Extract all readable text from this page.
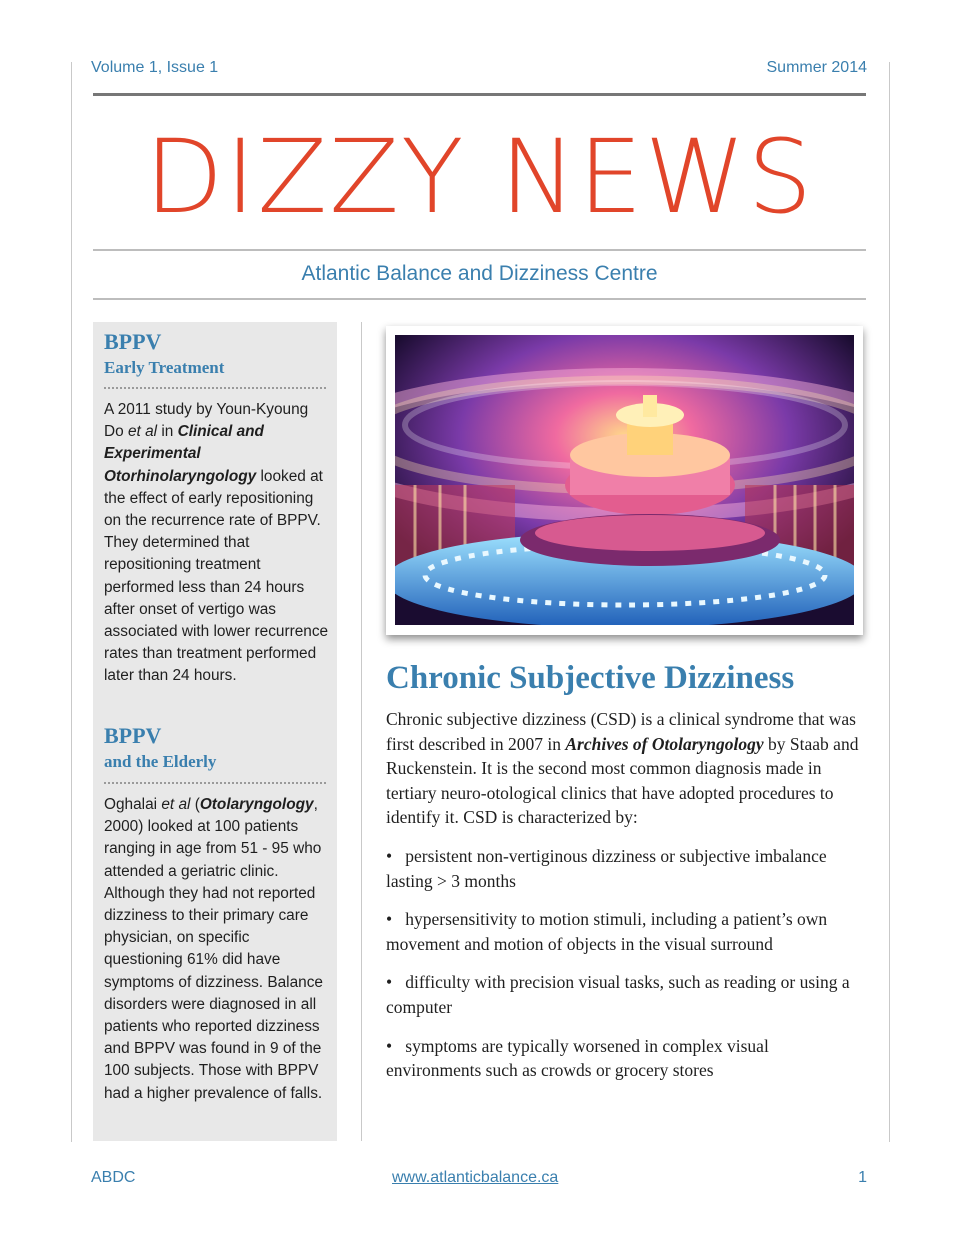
Volume 1, Issue 1	Summer 2014
DIZZY NEWS
Atlantic Balance and Dizziness Centre
BPPV
Early Treatment
A 2011 study by Youn-Kyoung Do et al in Clinical and Experimental Otorhinolaryngology looked at the effect of early repositioning on the recurrence rate of BPPV. They determined that repositioning treatment performed less than 24 hours after onset of vertigo was associated with lower recurrence rates than treatment performed later than 24 hours.
BPPV
and the Elderly
Oghalai et al (Otolaryngology, 2000) looked at 100 patients ranging in age from 51 - 95 who attended a geriatric clinic. Although they had not reported dizziness to their primary care physician, on specific questioning 61% did have symptoms of dizziness. Balance disorders were diagnosed in all patients who reported dizziness and BPPV was found in 9 of the 100 subjects. Those with BPPV had a higher prevalence of falls.
Chronic Subjective Dizziness

Chronic subjective dizziness (CSD) is a clinical syndrome that was first described in 2007 in Archives of Otolaryngology by Staab and Ruckenstein. It is the second most common diagnosis made in tertiary neuro-otological clinics that have adopted procedures to identify it. CSD is characterized by:

•   persistent non-vertiginous dizziness or subjective imbalance lasting > 3 months

•   hypersensitivity to motion stimuli, including a patient’s own movement and motion of objects in the visual surround

•   difficulty with precision visual tasks, such as reading or using a computer

•   symptoms are typically worsened in complex visual environments such as crowds or grocery stores

ABDC	www.atlanticbalance.ca	1
